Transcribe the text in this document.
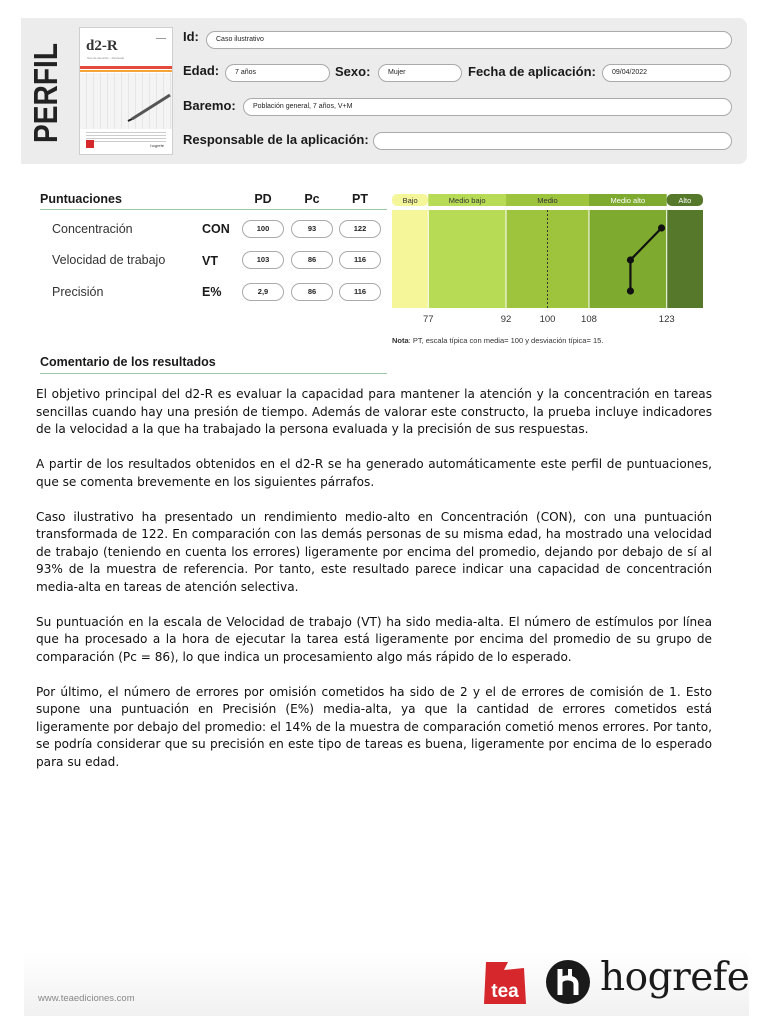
PERFIL d2-R
Test de Atención - Revisado
hogrefe
Id:	Caso ilustrativo
Edad:	7 años	Sexo:	Mujer	Fecha de aplicación:	09/04/2022
Baremo:	Población general, 7 años, V+M
Responsable de la aplicación:
Puntuaciones	PD	Pc	PT
Concentración	CON	100	93	122
Velocidad de trabajo	VT	103	86	116
Precisión	E%	2,9	86	116
Bajo	Medio bajo	Medio	Medio alto	Alto
77	92	100	108	123
Nota: PT, escala típica con media= 100 y desviación típica= 15.
Comentario de los resultados

El objetivo principal del d2-R es evaluar la capacidad para mantener la atención y la concentración en tareas sencillas cuando hay una presión de tiempo. Además de valorar este constructo, la prueba incluye indicadores de la velocidad a la que ha trabajado la persona evaluada y la precisión de sus respuestas.

A partir de los resultados obtenidos en el d2-R se ha generado automáticamente este perfil de puntuaciones, que se comenta brevemente en los siguientes párrafos.

Caso ilustrativo ha presentado un rendimiento medio-alto en Concentración (CON), con una puntuación transformada de 122. En comparación con las demás personas de su misma edad, ha mostrado una velocidad de trabajo (teniendo en cuenta los errores) ligeramente por encima del promedio, dejando por debajo de sí al 93% de la muestra de referencia. Por tanto, este resultado parece indicar una capacidad de concentración media-alta en tareas de atención selectiva.

Su puntuación en la escala de Velocidad de trabajo (VT) ha sido media-alta. El número de estímulos por línea que ha procesado a la hora de ejecutar la tarea está ligeramente por encima del promedio de su grupo de comparación (Pc = 86), lo que indica un procesamiento algo más rápido de lo esperado.

Por último, el número de errores por omisión cometidos ha sido de 2 y el de errores de comisión de 1. Esto supone una puntuación en Precisión (E%) media-alta, ya que la cantidad de errores cometidos está ligeramente por debajo del promedio: el 14% de la muestra de comparación cometió menos errores. Por tanto, se podría considerar que su precisión en este tipo de tareas es buena, ligeramente por encima de lo esperado para su edad.

www.teaediciones.com	tea hogrefe
